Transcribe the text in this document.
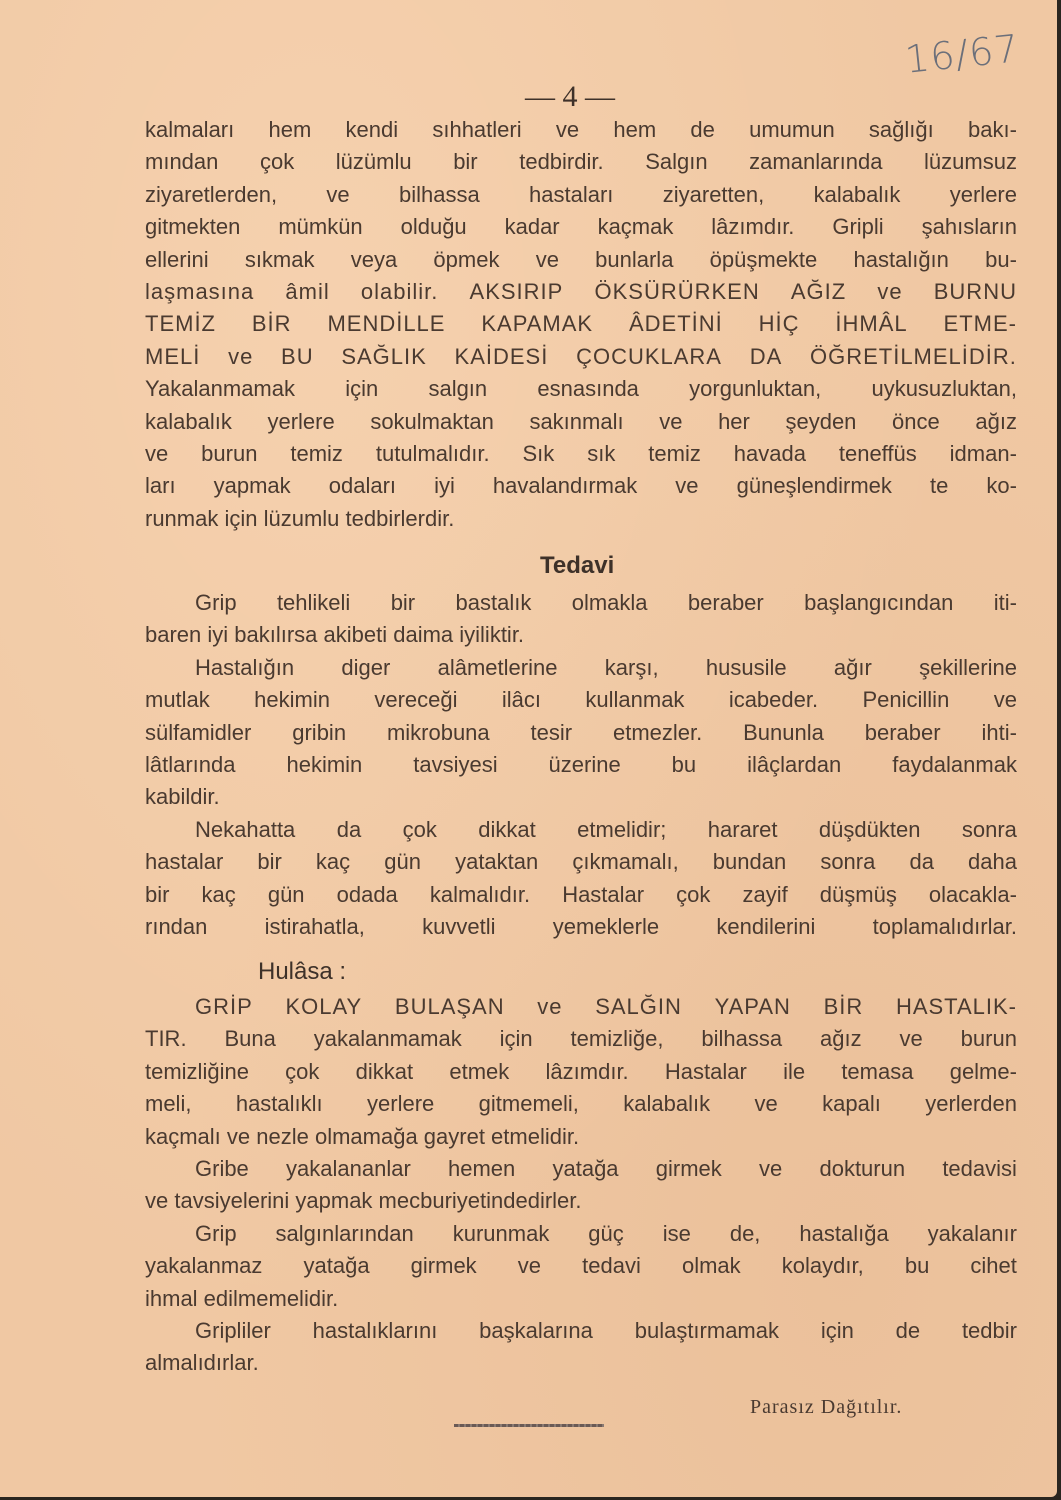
16/67
— 4 —
kalmaları hem kendi sıhhatleri ve hem de umumun sağlığı bakı-
mından çok lüzümlu bir tedbirdir. Salgın zamanlarında lüzumsuz
ziyaretlerden, ve bilhassa hastaları ziyaretten, kalabalık yerlere
gitmekten mümkün olduğu kadar kaçmak lâzımdır. Gripli şahısların
ellerini sıkmak veya öpmek ve bunlarla öpüşmekte hastalığın bu-
laşmasına âmil olabilir. AKSIRIP ÖKSÜRÜRKEN AĞIZ ve BURNU
TEMİZ BİR MENDİLLE KAPAMAK ÂDETİNİ HİÇ İHMÂL ETME-
MELİ ve BU SAĞLIK KAİDESİ ÇOCUKLARA DA ÖĞRETİLMELİDİR.
Yakalanmamak için salgın esnasında yorgunluktan, uykusuzluktan,
kalabalık yerlere sokulmaktan sakınmalı ve her şeyden önce ağız
ve burun temiz tutulmalıdır. Sık sık temiz havada teneffüs idman-
ları yapmak odaları iyi havalandırmak ve güneşlendirmek te ko-
runmak için lüzumlu tedbirlerdir.
Tedavi
Grip tehlikeli bir bastalık olmakla beraber başlangıcından iti-
baren iyi bakılırsa akibeti daima iyiliktir.
Hastalığın diger alâmetlerine karşı, hususile ağır şekillerine
mutlak hekimin vereceği ilâcı kullanmak icabeder. Penicillin ve
sülfamidler gribin mikrobuna tesir etmezler. Bununla beraber ihti-
lâtlarında hekimin tavsiyesi üzerine bu ilâçlardan faydalanmak
kabildir.
Nekahatta da çok dikkat etmelidir; hararet düşdükten sonra
hastalar bir kaç gün yataktan çıkmamalı, bundan sonra da daha
bir kaç gün odada kalmalıdır. Hastalar çok zayif düşmüş olacakla-
rından	istirahatla,	kuvvetli	yemeklerle	kendilerini	toplamalıdırlar.
Hulâsa :
GRİP KOLAY BULAŞAN ve SALĞIN YAPAN BİR HASTALIK-
TIR. Buna yakalanmamak için temizliğe, bilhassa ağız ve burun
temizliğine çok dikkat etmek lâzımdır. Hastalar ile temasa gelme-
meli, hastalıklı yerlere gitmemeli, kalabalık ve kapalı yerlerden
kaçmalı ve nezle olmamağa gayret etmelidir.
Gribe yakalananlar hemen yatağa girmek ve dokturun tedavisi
ve tavsiyelerini yapmak mecburiyetindedirler.
Grip salgınlarından kurunmak güç ise de, hastalığa yakalanır
yakalanmaz yatağa girmek ve tedavi olmak kolaydır, bu cihet
ihmal edilmemelidir.
Gripliler hastalıklarını başkalarına bulaştırmamak için de tedbir
almalıdırlar.
Parasız Dağıtılır.
